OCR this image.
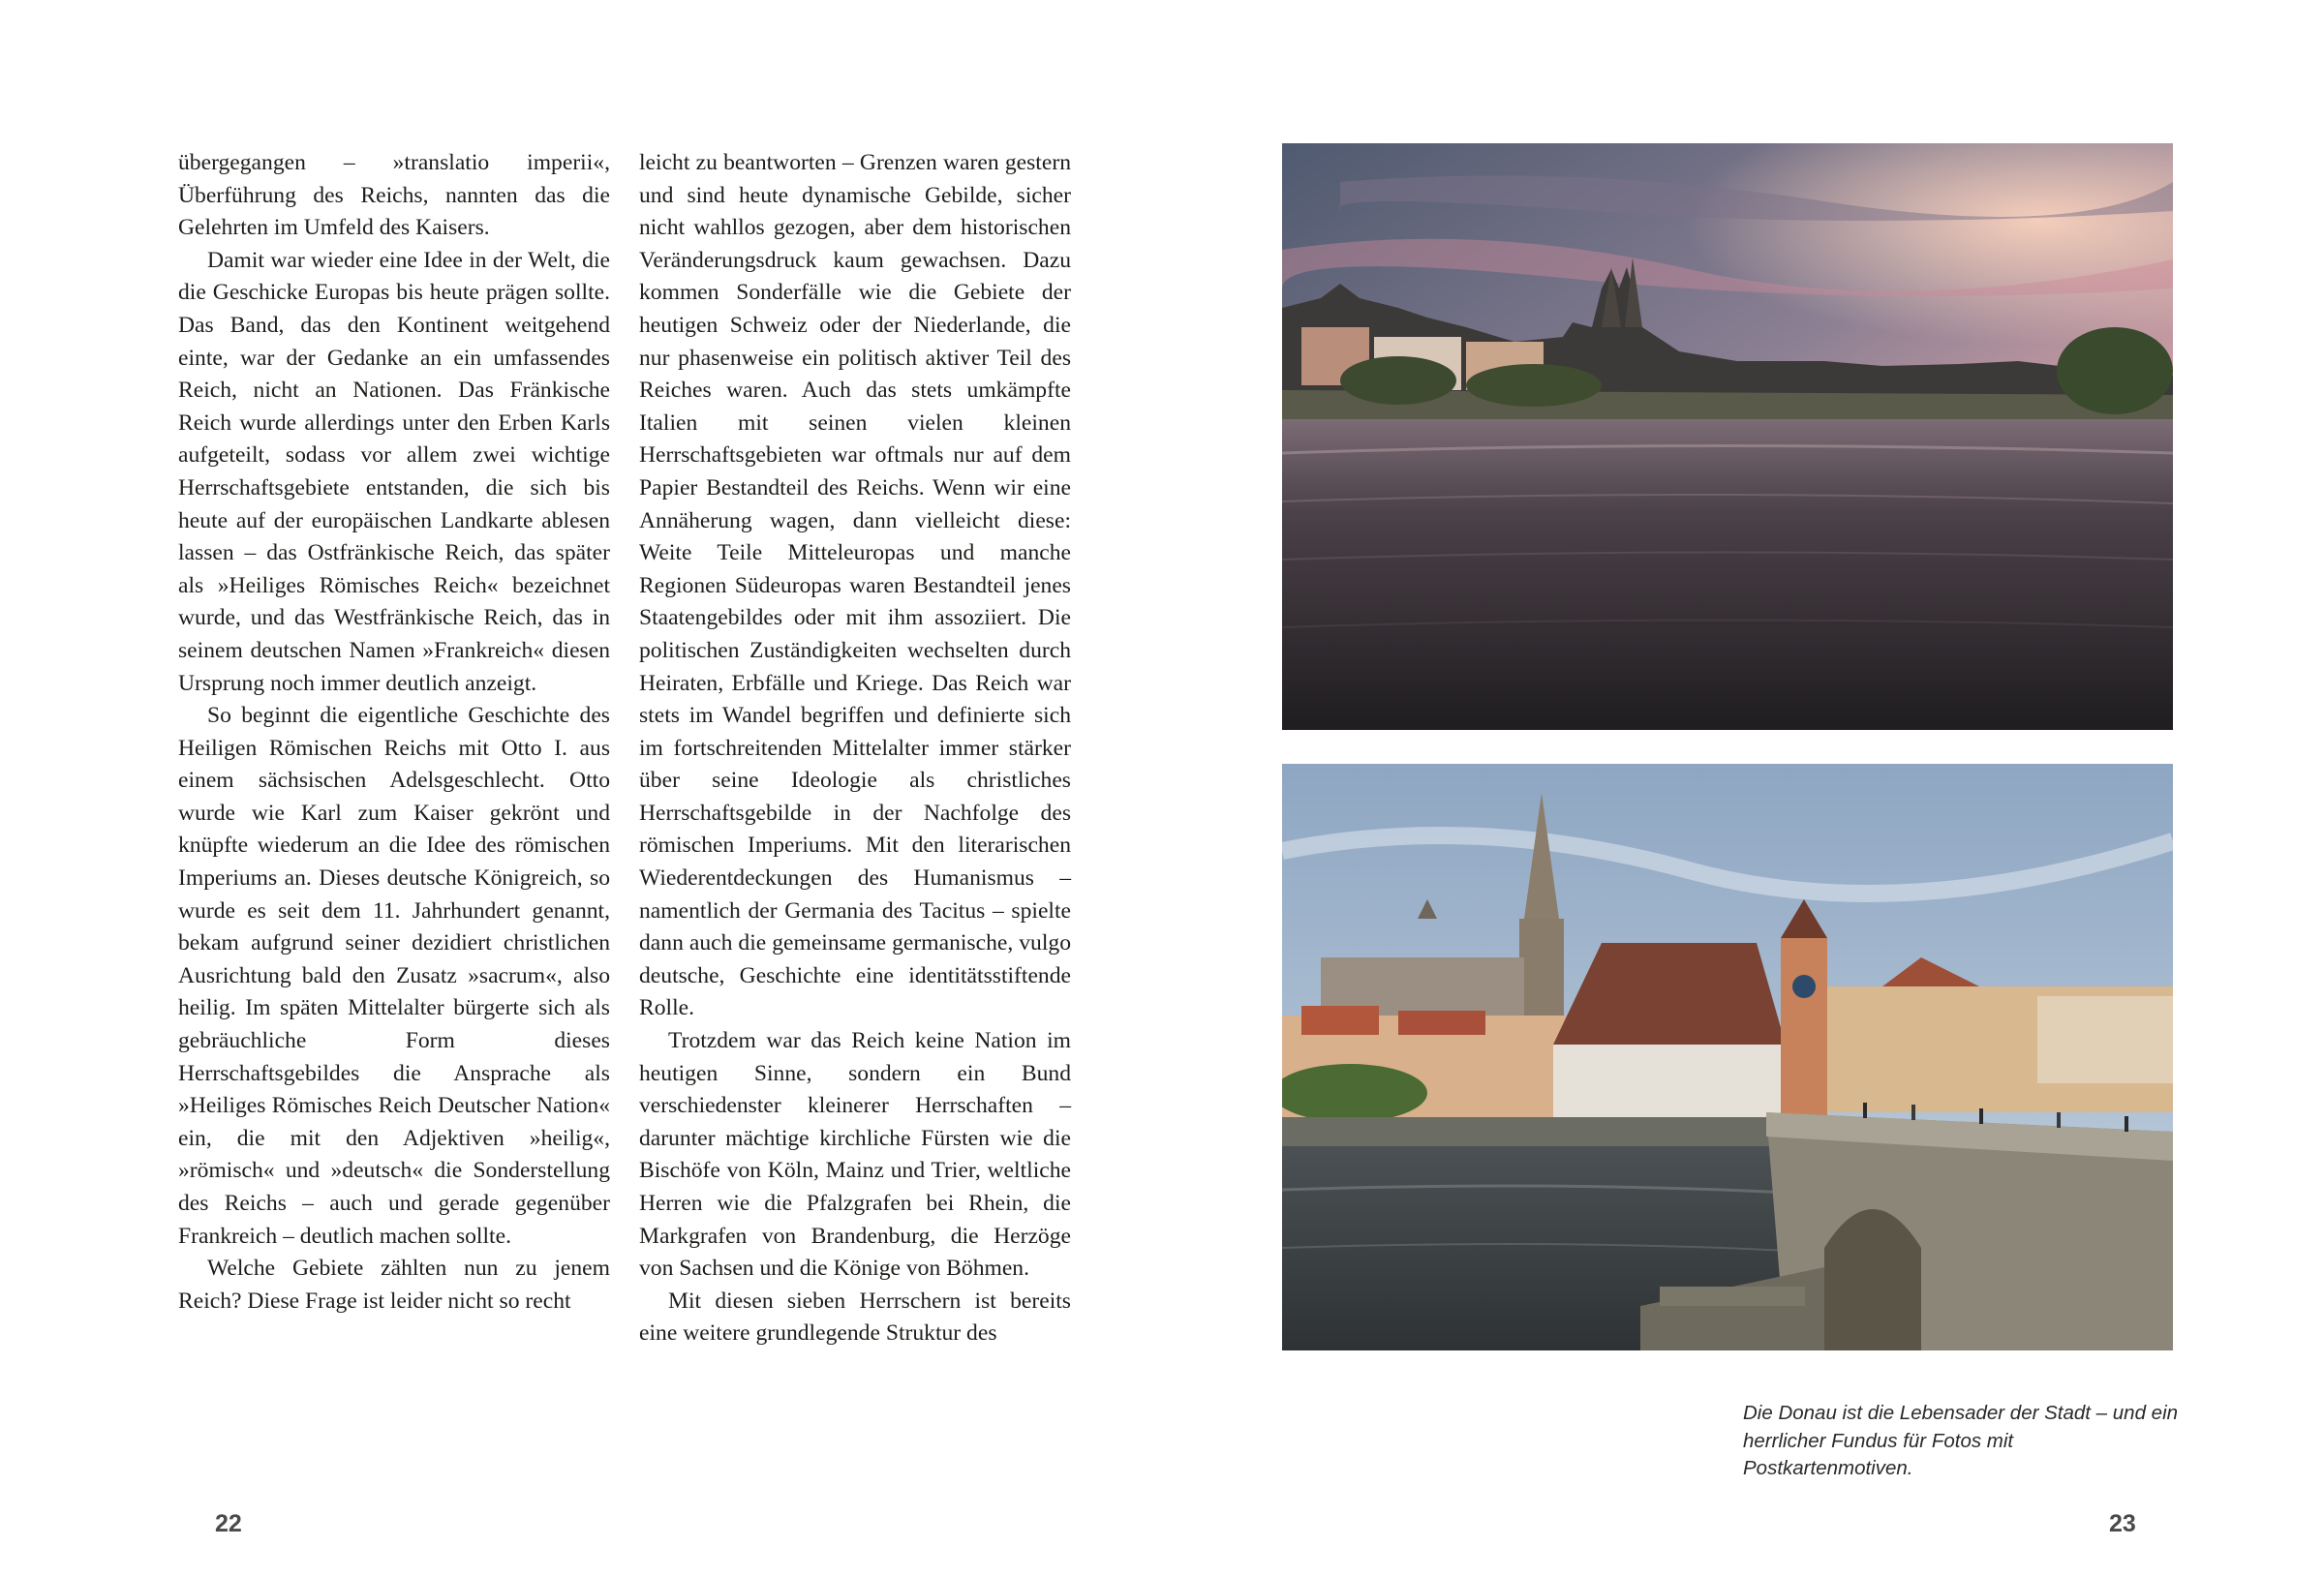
übergegangen – »translatio imperii«, Überführung des Reichs, nannten das die Gelehrten im Umfeld des Kaisers.

Damit war wieder eine Idee in der Welt, die die Geschicke Europas bis heute prägen sollte. Das Band, das den Kontinent weitgehend einte, war der Gedanke an ein umfassendes Reich, nicht an Nationen. Das Fränkische Reich wurde allerdings unter den Erben Karls aufgeteilt, sodass vor allem zwei wichtige Herrschaftsgebiete entstanden, die sich bis heute auf der europäischen Landkarte ablesen lassen – das Ostfränkische Reich, das später als »Heiliges Römisches Reich« bezeichnet wurde, und das Westfränkische Reich, das in seinem deutschen Namen »Frankreich« diesen Ursprung noch immer deutlich anzeigt.

So beginnt die eigentliche Geschichte des Heiligen Römischen Reichs mit Otto I. aus einem sächsischen Adelsgeschlecht. Otto wurde wie Karl zum Kaiser gekrönt und knüpfte wiederum an die Idee des römischen Imperiums an. Dieses deutsche Königreich, so wurde es seit dem 11. Jahrhundert genannt, bekam aufgrund seiner dezidiert christlichen Ausrichtung bald den Zusatz »sacrum«, also heilig. Im späten Mittelalter bürgerte sich als gebräuchliche Form dieses Herrschaftsgebildes die Ansprache als »Heiliges Römisches Reich Deutscher Nation« ein, die mit den Adjektiven »heilig«, »römisch« und »deutsch« die Sonderstellung des Reichs – auch und gerade gegenüber Frankreich – deutlich machen sollte.

Welche Gebiete zählten nun zu jenem Reich? Diese Frage ist leider nicht so recht

leicht zu beantworten – Grenzen waren gestern und sind heute dynamische Gebilde, sicher nicht wahllos gezogen, aber dem historischen Veränderungsdruck kaum gewachsen. Dazu kommen Sonderfälle wie die Gebiete der heutigen Schweiz oder der Niederlande, die nur phasenweise ein politisch aktiver Teil des Reiches waren. Auch das stets umkämpfte Italien mit seinen vielen kleinen Herrschaftsgebieten war oftmals nur auf dem Papier Bestandteil des Reichs. Wenn wir eine Annäherung wagen, dann vielleicht diese: Weite Teile Mitteleuropas und manche Regionen Südeuropas waren Bestandteil jenes Staatengebildes oder mit ihm assoziiert. Die politischen Zuständigkeiten wechselten durch Heiraten, Erbfälle und Kriege. Das Reich war stets im Wandel begriffen und definierte sich im fortschreitenden Mittelalter immer stärker über seine Ideologie als christliches Herrschaftsgebilde in der Nachfolge des römischen Imperiums. Mit den literarischen Wiederentdeckungen des Humanismus – namentlich der Germania des Tacitus – spielte dann auch die gemeinsame germanische, vulgo deutsche, Geschichte eine identitätsstiftende Rolle.

Trotzdem war das Reich keine Nation im heutigen Sinne, sondern ein Bund verschiedenster kleinerer Herrschaften – darunter mächtige kirchliche Fürsten wie die Bischöfe von Köln, Mainz und Trier, weltliche Herren wie die Pfalzgrafen bei Rhein, die Markgrafen von Brandenburg, die Herzöge von Sachsen und die Könige von Böhmen.

Mit diesen sieben Herrschern ist bereits eine weitere grundlegende Struktur des

Die Donau ist die Lebensader der Stadt – und ein herrlicher Fundus für Fotos mit Postkartenmotiven.
22	23
